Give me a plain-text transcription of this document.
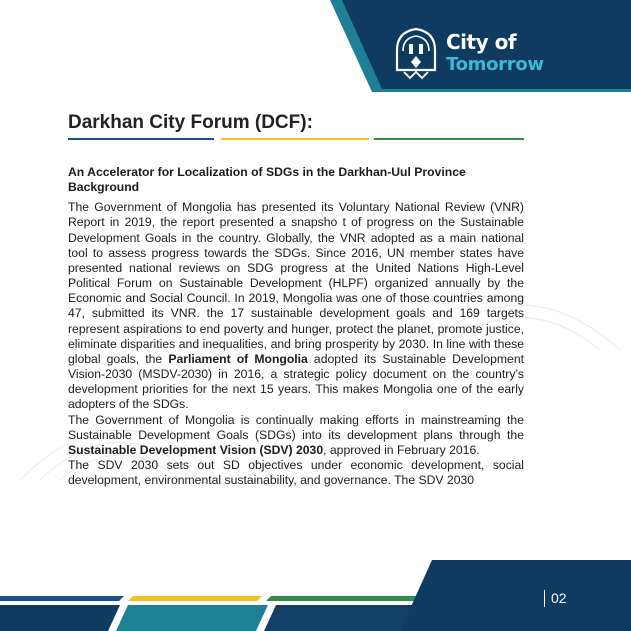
City of
Tomorrow
Darkhan City Forum (DCF):

An Accelerator for Localization of SDGs in the Darkhan-Uul Province

Background

The Government of Mongolia has presented its Voluntary National Review (VNR) Report in 2019, the report presented a snapsho t of progress on the Sustainable Development Goals in the country. Globally, the VNR adopted as a main national tool to assess progress towards the SDGs. Since 2016, UN member states have presented national reviews on SDG progress at the United Nations High-Level Political Forum on Sustainable Development (HLPF) organized annually by the Economic and Social Council. In 2019, Mongolia was one of those countries among 47, submitted its VNR. the 17 sustainable development goals and 169 targets represent aspirations to end poverty and hunger, protect the planet, promote justice, eliminate disparities and inequalities, and bring prosperity by 2030. In line with these global goals, the Parliament of Mongolia adopted its Sustainable Development Vision-2030 (MSDV-2030) in 2016, a strategic policy document on the country’s development priorities for the next 15 years. This makes Mongolia one of the early adopters of the SDGs.

The Government of Mongolia is continually making efforts in mainstreaming the Sustainable Development Goals (SDGs) into its development plans through the Sustainable Development Vision (SDV) 2030, approved in February 2016.

The SDV 2030 sets out SD objectives under economic development, social development, environmental sustainability, and governance. The SDV 2030

02
